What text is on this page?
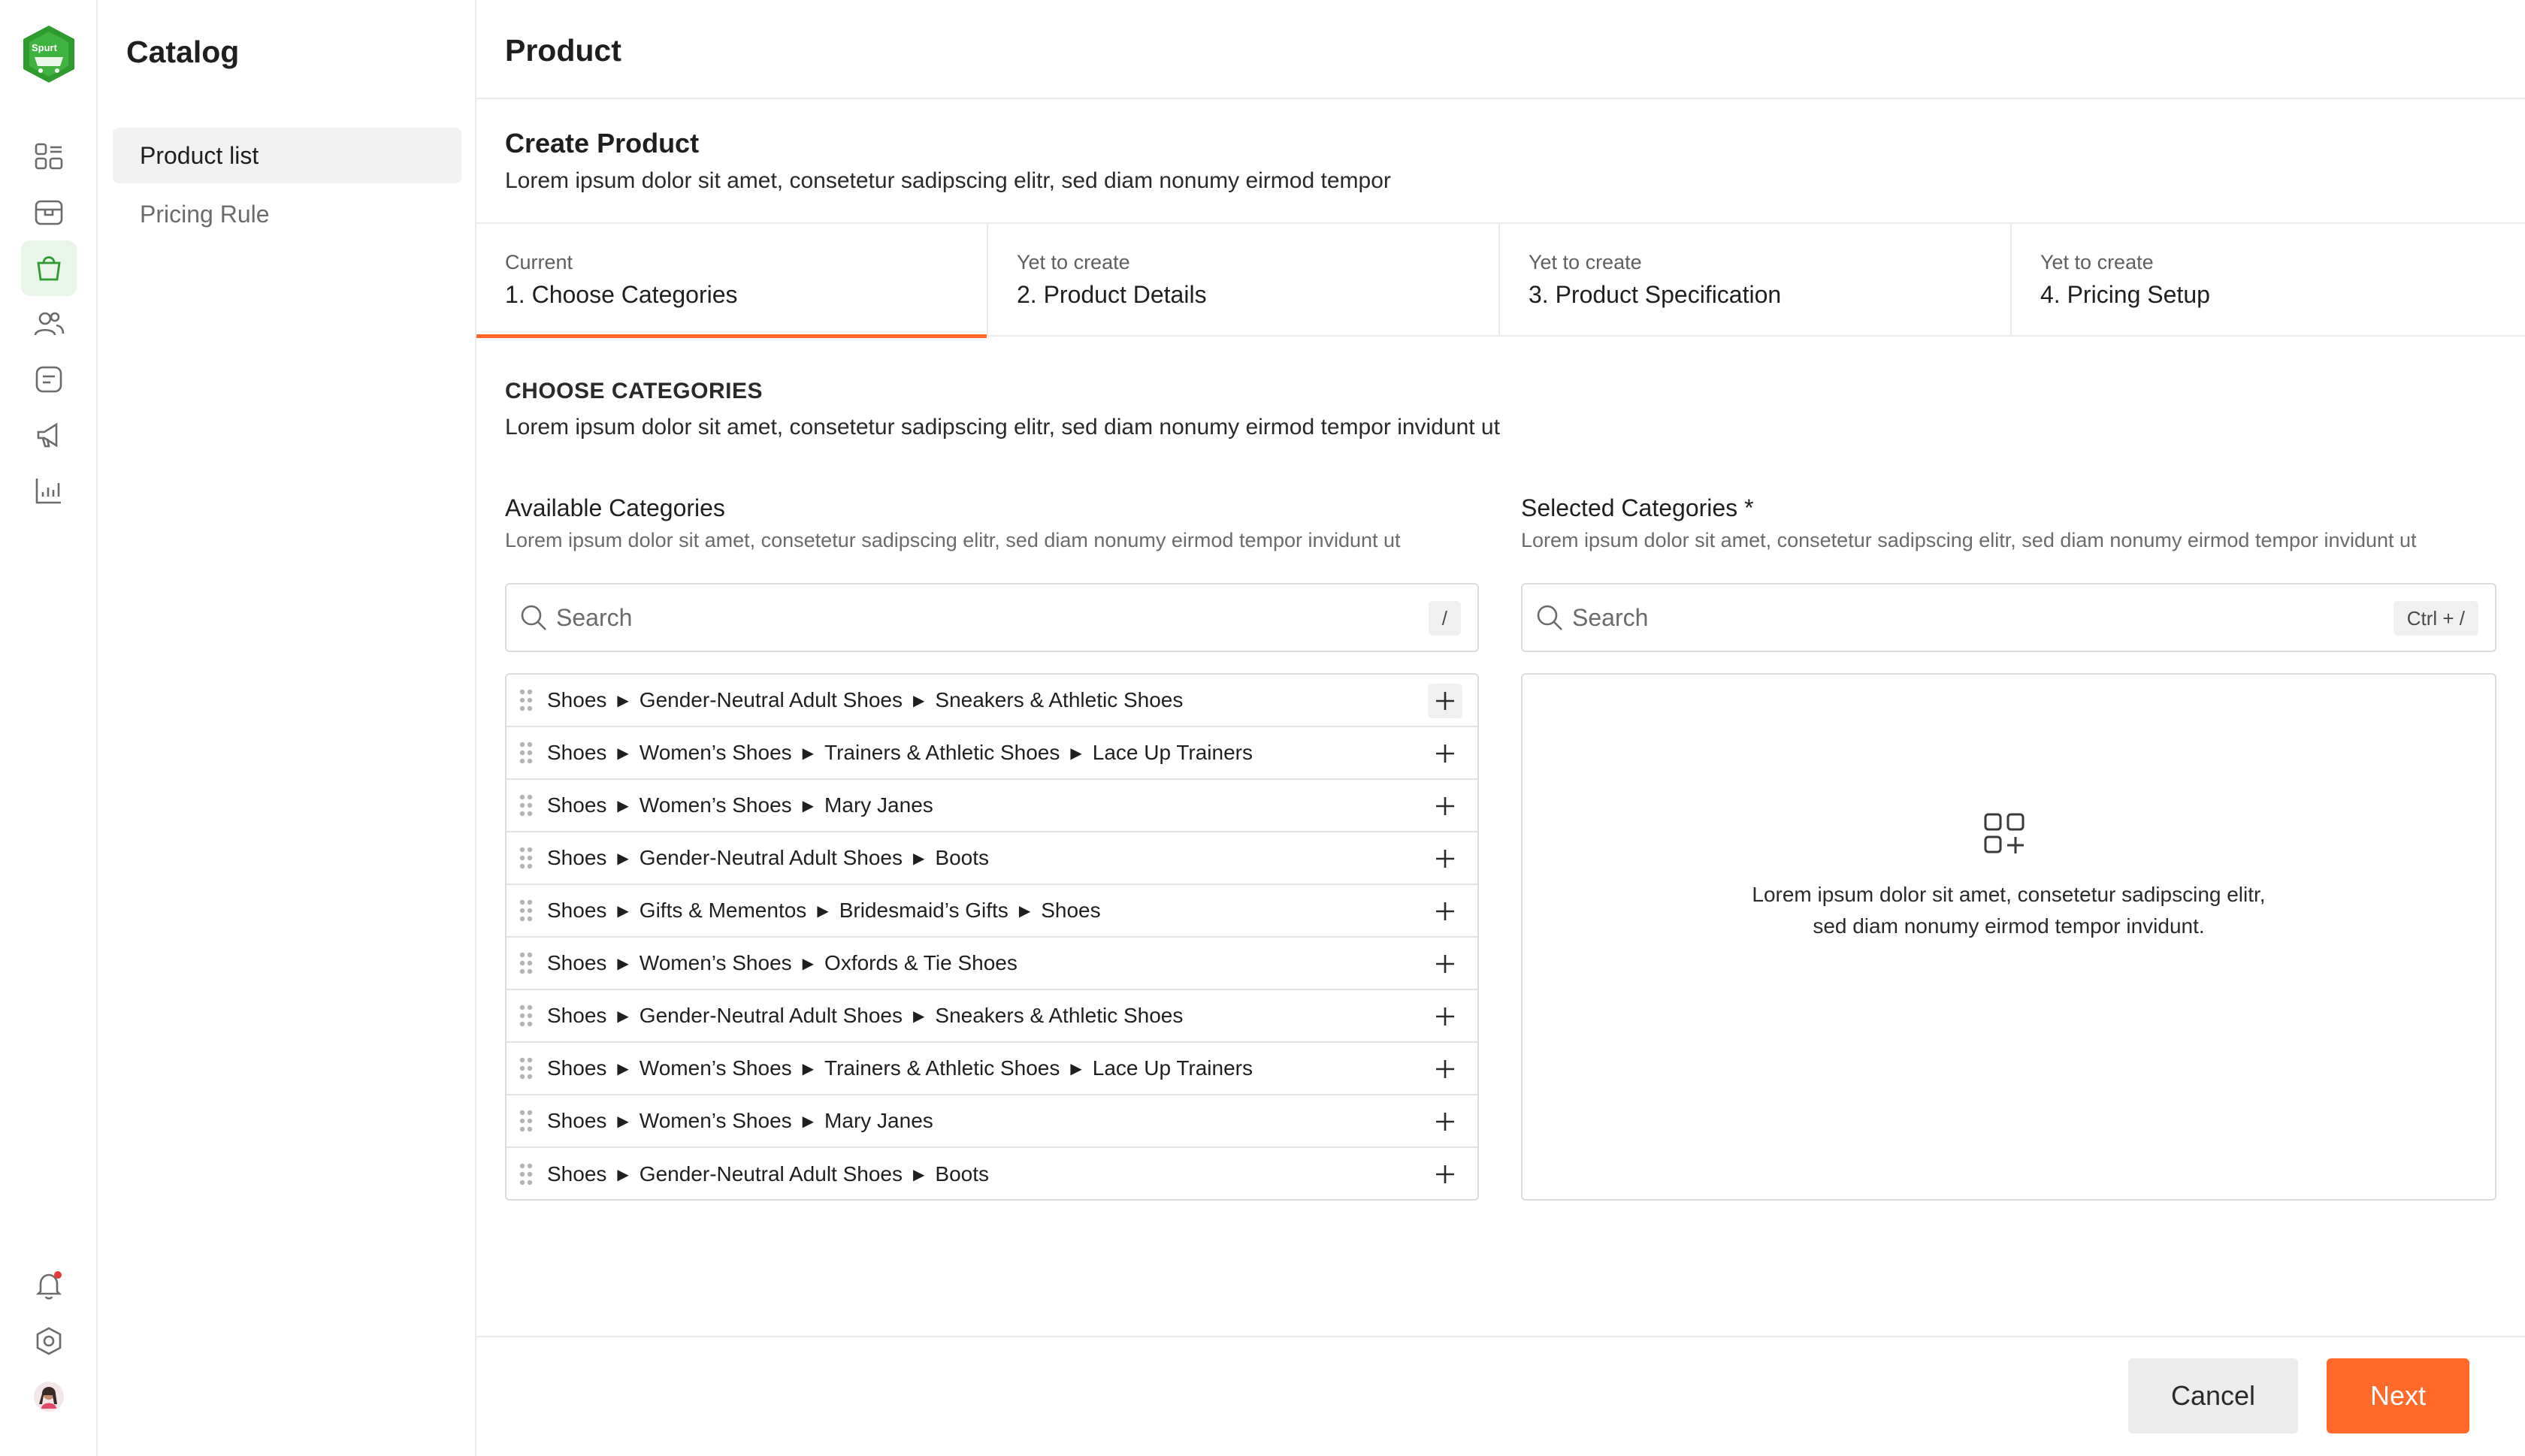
Spurt Catalog
Product list
Pricing Rule
Product
Create Product
Lorem ipsum dolor sit amet, consetetur sadipscing elitr, sed diam nonumy eirmod tempor
Current
1. Choose Categories
Yet to create
2. Product Details
Yet to create
3. Product Specification
Yet to create
4. Pricing Setup
CHOOSE CATEGORIES
Lorem ipsum dolor sit amet, consetetur sadipscing elitr, sed diam nonumy eirmod tempor invidunt ut
Available Categories
Lorem ipsum dolor sit amet, consetetur sadipscing elitr, sed diam nonumy eirmod tempor invidunt ut
Search
/
Shoes ▶ Gender-Neutral Adult Shoes ▶ Sneakers & Athletic Shoes
Shoes ▶ Women’s Shoes ▶ Trainers & Athletic Shoes ▶ Lace Up Trainers
Shoes ▶ Women’s Shoes ▶ Mary Janes
Shoes ▶ Gender-Neutral Adult Shoes ▶ Boots
Shoes ▶ Gifts & Mementos ▶ Bridesmaid’s Gifts ▶ Shoes
Shoes ▶ Women’s Shoes ▶ Oxfords & Tie Shoes
Shoes ▶ Gender-Neutral Adult Shoes ▶ Sneakers & Athletic Shoes
Shoes ▶ Women’s Shoes ▶ Trainers & Athletic Shoes ▶ Lace Up Trainers
Shoes ▶ Women’s Shoes ▶ Mary Janes
Shoes ▶ Gender-Neutral Adult Shoes ▶ Boots
Selected Categories *
Lorem ipsum dolor sit amet, consetetur sadipscing elitr, sed diam nonumy eirmod tempor invidunt ut
Search
Ctrl + /
Lorem ipsum dolor sit amet, consetetur sadipscing elitr,
sed diam nonumy eirmod tempor invidunt.
Cancel	Next
